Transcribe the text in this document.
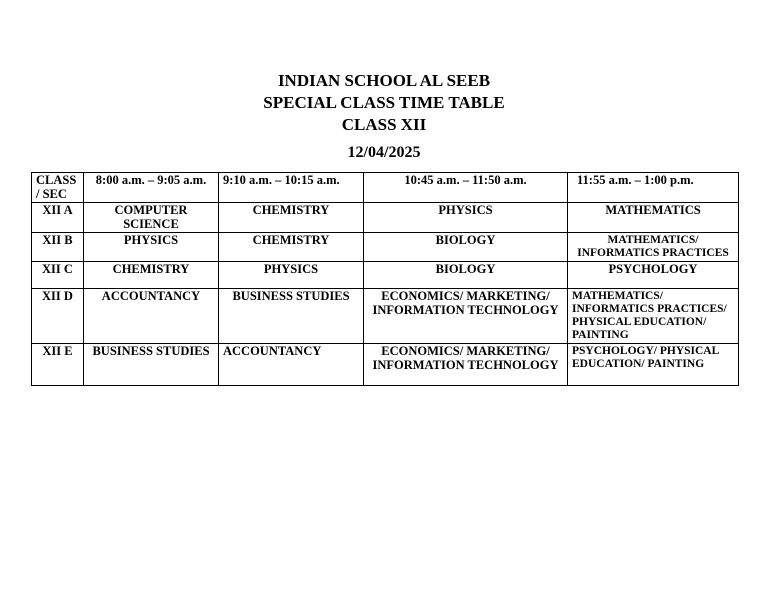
INDIAN SCHOOL AL SEEB
SPECIAL CLASS TIME TABLE
CLASS XII
12/04/2025
CLASS / SEC	8:00 a.m. – 9:05 a.m.	9:10 a.m. – 10:15 a.m.	10:45 a.m. – 11:50 a.m.	11:55 a.m. – 1:00 p.m.
XII A	COMPUTER SCIENCE	CHEMISTRY	PHYSICS	MATHEMATICS
XII B	PHYSICS	CHEMISTRY	BIOLOGY	MATHEMATICS/ INFORMATICS PRACTICES
XII C	CHEMISTRY	PHYSICS	BIOLOGY	PSYCHOLOGY
XII D	ACCOUNTANCY	BUSINESS STUDIES	ECONOMICS/ MARKETING/ INFORMATION TECHNOLOGY	MATHEMATICS/ INFORMATICS PRACTICES/ PHYSICAL EDUCATION/ PAINTING
XII E	BUSINESS STUDIES	ACCOUNTANCY	ECONOMICS/ MARKETING/ INFORMATION TECHNOLOGY	PSYCHOLOGY/ PHYSICAL EDUCATION/ PAINTING
